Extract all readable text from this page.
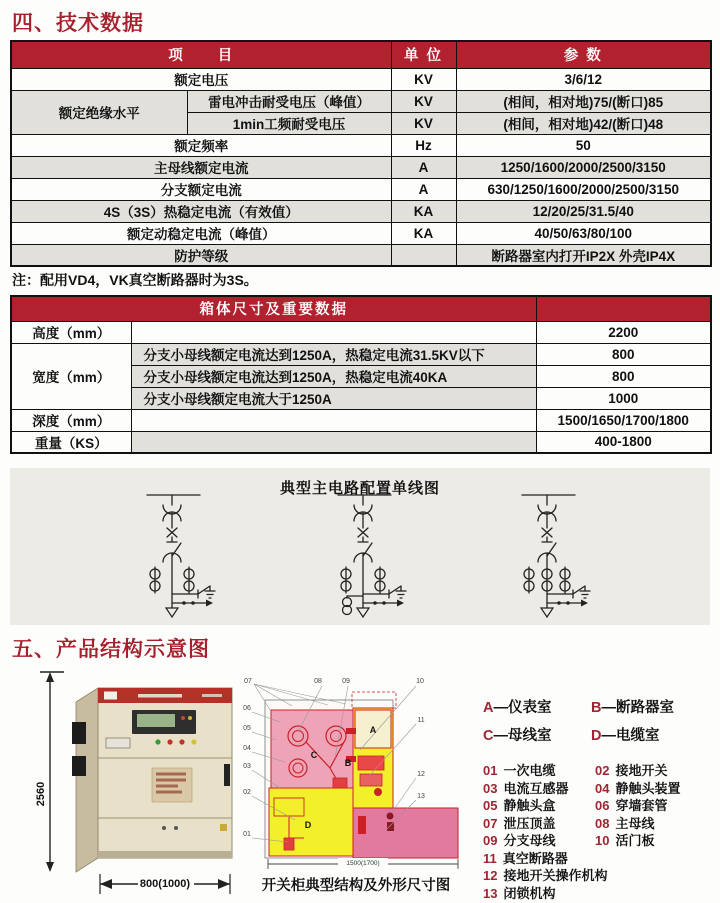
四、技术数据
项　　目		单 位	参 数
额定电压		KV	3/6/12
额定绝缘水平	雷电冲击耐受电压（峰值）	KV	(相间，相对地)75/(断口)85
	1min工频耐受电压	KV	(相间，相对地)42/(断口)48
额定频率		Hz	50
主母线额定电流		A	1250/1600/2000/2500/3150
分支额定电流		A	630/1250/1600/2000/2500/3150
4S（3S）热稳定电流（有效值）		KA	12/20/25/31.5/40
额定动稳定电流（峰值）		KA	40/50/63/80/100
防护等级			断路器室内打开IP2X 外壳IP4X
注：配用VD4，VK真空断路器时为3S。
箱体尺寸及重要数据		
高度（mm）		2200
宽度（mm）	分支小母线额定电流达到1250A，热稳定电流31.5KV以下	800
	分支小母线额定电流达到1250A，热稳定电流40KA	800
	分支小母线额定电流大于1250A	1000
深度（mm）		1500/1650/1700/1800
重量（KS）		400-1800
典型主电路配置单线图
五、产品结构示意图
2560
800(1000)
07	08	09	10
11
12
13
06
05
04
03
02
01
A
B
C
D
1500(1700)
开关柜典型结构及外形尺寸图
A—仪表室	B—断路器室
C—母线室	D—电缆室
01 一次电缆	02 接地开关
03 电流互感器	04 静触头装置
05 静触头盒	06 穿墙套管
07 泄压顶盖	08 主母线
09 分支母线	10 活门板
11 真空断路器
12 接地开关操作机构
13 闭锁机构
